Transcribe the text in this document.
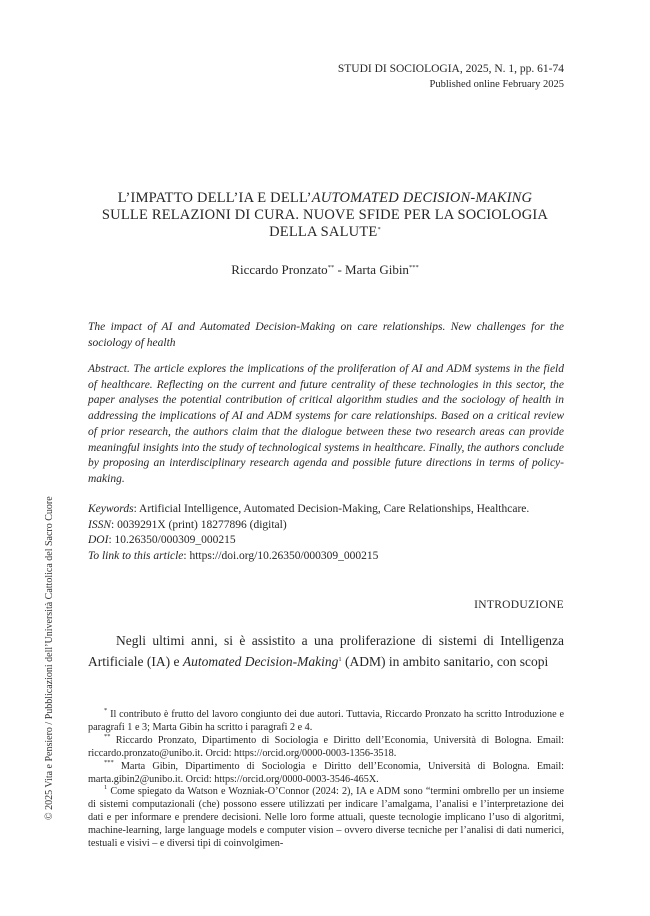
STUDI DI SOCIOLOGIA, 2025, N. 1, pp. 61-74
Published online February 2025
L’IMPATTO DELL’IA E DELL’AUTOMATED DECISION-MAKING
SULLE RELAZIONI DI CURA. NUOVE SFIDE PER LA SOCIOLOGIA
DELLA SALUTE*
Riccardo Pronzato** - Marta Gibin***
The impact of AI and Automated Decision-Making on care relationships. New challenges for the sociology of health
Abstract. The article explores the implications of the proliferation of AI and ADM systems in the field of healthcare. Reflecting on the current and future centrality of these technologies in this sector, the paper analyses the potential contribution of critical algorithm studies and the sociology of health in addressing the implications of AI and ADM systems for care relationships. Based on a critical review of prior research, the authors claim that the dialogue between these two research areas can provide meaningful insights into the study of technological systems in healthcare. Finally, the authors conclude by proposing an interdisciplinary research agenda and possible future directions in terms of policy-making.
Keywords: Artificial Intelligence, Automated Decision-Making, Care Relationships, Healthcare.
ISSN: 0039291X (print) 18277896 (digital)
DOI: 10.26350/000309_000215
To link to this article: https://doi.org/10.26350/000309_000215
INTRODUZIONE

Negli ultimi anni, si è assistito a una proliferazione di sistemi di Intelligenza Artificiale (IA) e Automated Decision-Making$^1$ (ADM) in ambito sanitario, con scopi

* Il contributo è frutto del lavoro congiunto dei due autori. Tuttavia, Riccardo Pronzato ha scritto Introduzione e paragrafi 1 e 3; Marta Gibin ha scritto i paragrafi 2 e 4.

** Riccardo Pronzato, Dipartimento di Sociologia e Diritto dell’Economia, Università di Bologna. Email: riccardo.pronzato@unibo.it. Orcid: https://orcid.org/0000-0003-1356-3518.

*** Marta Gibin, Dipartimento di Sociologia e Diritto dell’Economia, Università di Bologna. Email: marta.gibin2@unibo.it. Orcid: https://orcid.org/0000-0003-3546-465X.

$^1$ Come spiegato da Watson e Wozniak-O’Connor (2024: 2), IA e ADM sono “termini ombrello per un insieme di sistemi computazionali (che) possono essere utilizzati per indicare l’amalgama, l’analisi e l’interpretazione dei dati e per informare e prendere decisioni. Nelle loro forme attuali, queste tecnologie implicano l’uso di algoritmi, machine-learning, large language models e computer vision – ovvero diverse tecniche per l’analisi di dati numerici, testuali e visivi – e diversi tipi di coinvolgimen-

© 2025 Vita e Pensiero / Pubblicazioni dell’Università Cattolica del Sacro Cuore
